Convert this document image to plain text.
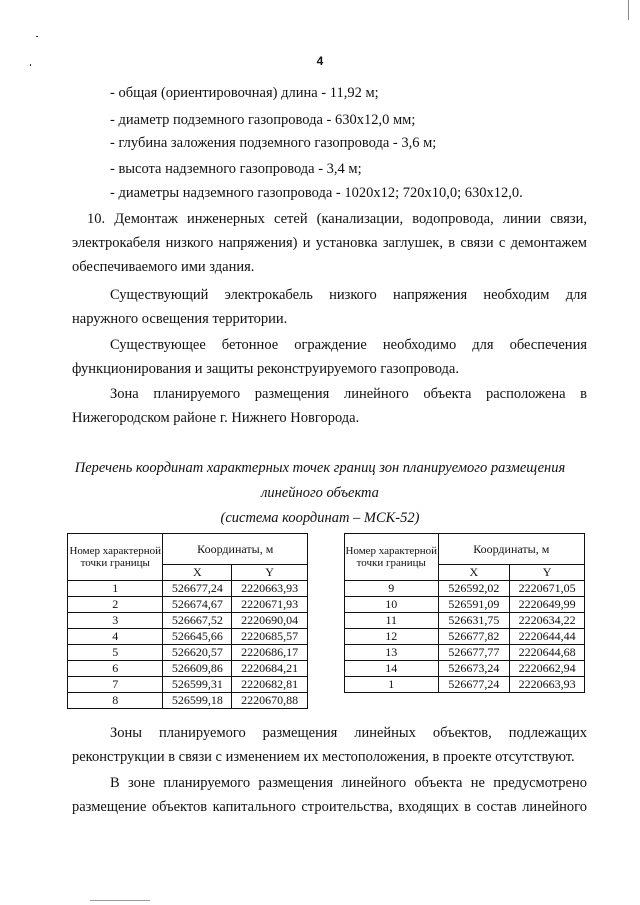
4
- общая (ориентировочная) длина - 11,92 м;
- диаметр подземного газопровода - 630х12,0 мм;
- глубина заложения подземного газопровода - 3,6 м;
- высота надземного газопровода - 3,4 м;
- диаметры надземного газопровода - 1020х12; 720х10,0; 630х12,0.
10. Демонтаж инженерных сетей (канализации, водопровода, линии связи,
электрокабеля низкого напряжения) и установка заглушек, в связи с демонтажем
обеспечиваемого ими здания.
Существующий электрокабель низкого напряжения необходим для
наружного освещения территории.
Существующее бетонное ограждение необходимо для обеспечения
функционирования и защиты реконструируемого газопровода.
Зона планируемого размещения линейного объекта расположена в
Нижегородском районе г. Нижнего Новгорода.
Перечень координат характерных точек границ зон планируемого размещения
линейного объекта
(система координат – МСК-52)
Номер характерной точки границы	Координаты, м	
	X	Y
1	526677,24	2220663,93
2	526674,67	2220671,93
3	526667,52	2220690,04
4	526645,66	2220685,57
5	526620,57	2220686,17
6	526609,86	2220684,21
7	526599,31	2220682,81
8	526599,18	2220670,88
Номер характерной точки границы	Координаты, м	
	X	Y
9	526592,02	2220671,05
10	526591,09	2220649,99
11	526631,75	2220634,22
12	526677,82	2220644,44
13	526677,77	2220644,68
14	526673,24	2220662,94
1	526677,24	2220663,93
Зоны планируемого размещения линейных объектов, подлежащих
реконструкции в связи с изменением их местоположения, в проекте отсутствуют.
В зоне планируемого размещения линейного объекта не предусмотрено
размещение объектов капитального строительства, входящих в состав линейного
